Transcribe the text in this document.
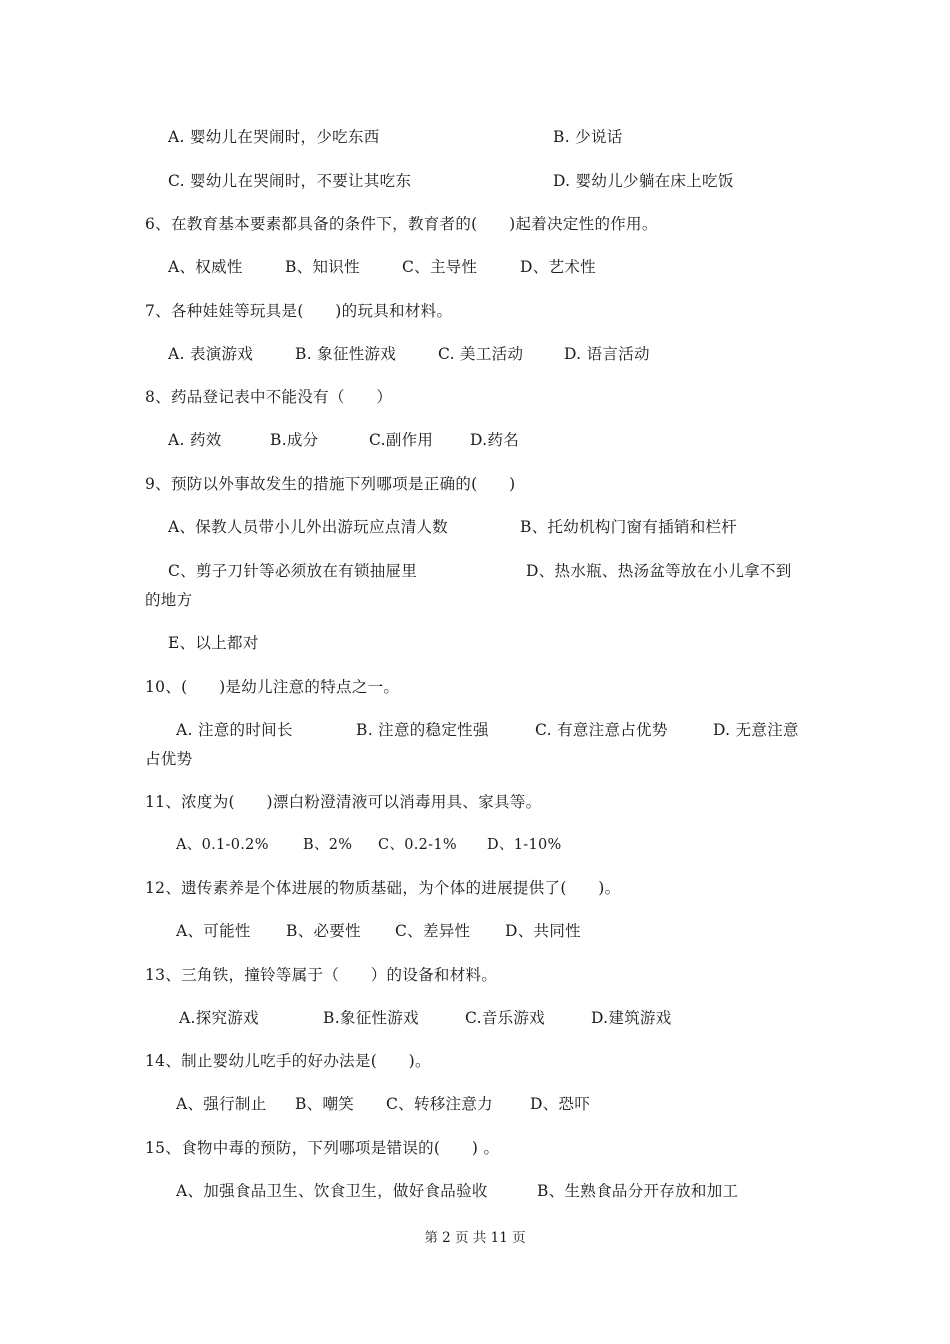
A. 婴幼儿在哭闹时，少吃东西	B. 少说话
C. 婴幼儿在哭闹时，不要让其吃东	D. 婴幼儿少躺在床上吃饭
6、在教育基本要素都具备的条件下，教育者的(　　)起着决定性的作用。
A、权威性	B、知识性	C、主导性	D、艺术性
7、各种娃娃等玩具是(　　)的玩具和材料。
A. 表演游戏	B. 象征性游戏	C. 美工活动	D. 语言活动
8、药品登记表中不能没有（　　）
A. 药效	B.成分	C.副作用 D.药名
9、预防以外事故发生的措施下列哪项是正确的(　　)
A、保教人员带小儿外出游玩应点清人数	B、托幼机构门窗有插销和栏杆
C、剪子刀针等必须放在有锁抽屉里	D、热水瓶、热汤盆等放在小儿拿不到
的地方
E、以上都对
10、(　　)是幼儿注意的特点之一。
A. 注意的时间长	B. 注意的稳定性强	C. 有意注意占优势	D. 无意注意
占优势
11、浓度为(　　)漂白粉澄清液可以消毒用具、家具等。
A、0.1-0.2% B、2% C、0.2-1% D、1-10%
12、遗传素养是个体进展的物质基础，为个体的进展提供了(　　)。
A、可能性 B、必要性 C、差异性 D、共同性
13、三角铁，撞铃等属于（　　）的设备和材料。
A.探究游戏	B.象征性游戏	C.音乐游戏	D.建筑游戏
14、制止婴幼儿吃手的好办法是(　　)。
A、强行制止 B、嘲笑 C、转移注意力 D、恐吓
15、食物中毒的预防，下列哪项是错误的(　　) 。
A、加强食品卫生、饮食卫生，做好食品验收	B、生熟食品分开存放和加工
第 2 页 共 11 页
